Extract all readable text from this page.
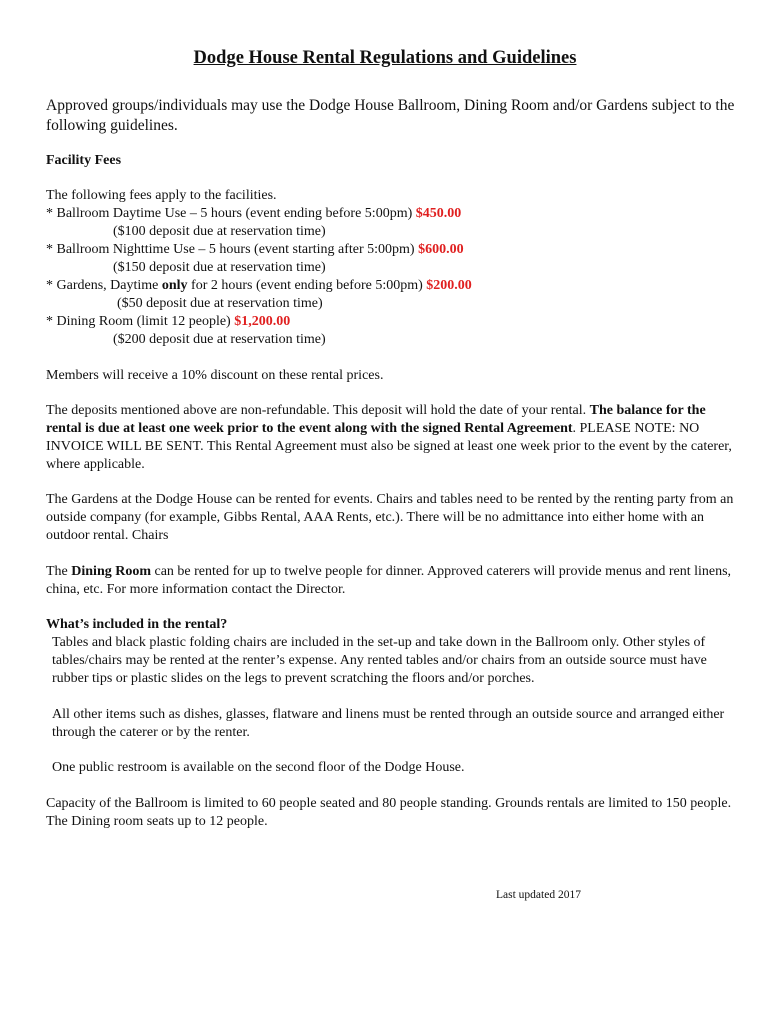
Dodge House Rental Regulations and Guidelines

Approved groups/individuals may use the Dodge House Ballroom, Dining Room and/or Gardens subject to the following guidelines.

Facility Fees
The following fees apply to the facilities.
* Ballroom Daytime Use – 5 hours (event ending before 5:00pm) $450.00
($100 deposit due at reservation time)
* Ballroom Nighttime Use – 5 hours (event starting after 5:00pm) $600.00
($150 deposit due at reservation time)
* Gardens, Daytime only for 2 hours (event ending before 5:00pm) $200.00
($50 deposit due at reservation time)
* Dining Room (limit 12 people) $1,200.00
($200 deposit due at reservation time)
Members will receive a 10% discount on these rental prices.

The deposits mentioned above are non-refundable. This deposit will hold the date of your rental. The balance for the rental is due at least one week prior to the event along with the signed Rental Agreement. PLEASE NOTE: NO INVOICE WILL BE SENT. This Rental Agreement must also be signed at least one week prior to the event by the caterer, where applicable.

The Gardens at the Dodge House can be rented for events. Chairs and tables need to be rented by the renting party from an outside company (for example, Gibbs Rental, AAA Rents, etc.). There will be no admittance into either home with an outdoor rental. Chairs

The Dining Room can be rented for up to twelve people for dinner. Approved caterers will provide menus and rent linens, china, etc. For more information contact the Director.

What’s included in the rental?

Tables and black plastic folding chairs are included in the set-up and take down in the Ballroom only. Other styles of tables/chairs may be rented at the renter’s expense. Any rented tables and/or chairs from an outside source must have rubber tips or plastic slides on the legs to prevent scratching the floors and/or porches.

All other items such as dishes, glasses, flatware and linens must be rented through an outside source and arranged either through the caterer or by the renter.

One public restroom is available on the second floor of the Dodge House.

Capacity of the Ballroom is limited to 60 people seated and 80 people standing. Grounds rentals are limited to 150 people. The Dining room seats up to 12 people.

Last updated 2017
